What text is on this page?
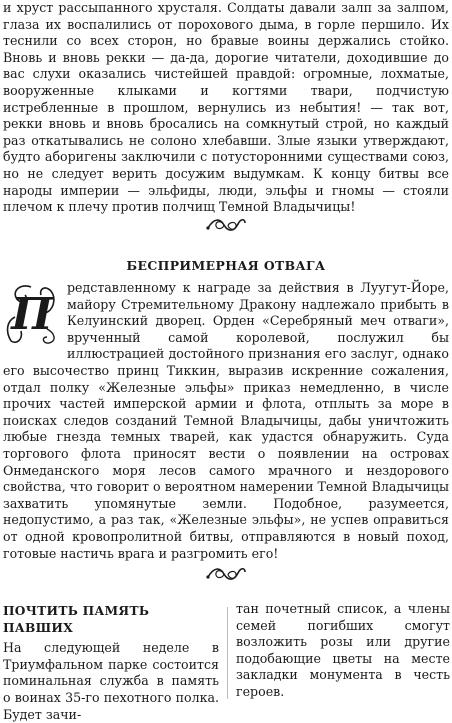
и хруст рассыпанного хрусталя. Солдаты давали залп за залпом, глаза их воспалились от порохового дыма, в горле першило. Их теснили со всех сторон, но бравые воины держались стойко. Вновь и вновь рекки — да-да, дорогие читатели, доходившие до вас слухи оказались чистейшей правдой: огромные, лохматые, вооруженные клыками и когтями твари, подчистую истребленные в прошлом, вернулись из небытия! — так вот, рекки вновь и вновь бросались на сомкнутый строй, но каждый раз откатывались не солоно хлебавши. Злые языки утверждают, будто аборигены заключили с потусторонними существами союз, но не следует верить досужим выдумкам. К концу битвы все народы империи — эльфиды, люди, эльфы и гномы — стояли плечом к плечу против полчищ Темной Владычицы!

БЕСПРИМЕРНАЯ ОТВАГА
П

редставленному к награде за действия в Луугут-Йоре, майору Стремительному Дракону надлежало прибыть в Келуинский дворец. Орден «Серебряный меч отваги», врученный самой королевой, послужил бы иллюстрацией достойного признания его заслуг, однако его высочество принц Тиккин, выразив искренние сожаления, отдал полку «Железные эльфы» приказ немедленно, в числе прочих частей имперской армии и флота, отплыть за море в поисках следов созданий Темной Владычицы, дабы уничтожить любые гнезда темных тварей, как удастся обнаружить. Суда торгового флота приносят вести о появлении на островах Онмеданского моря лесов самого мрачного и нездорового свойства, что говорит о вероятном намерении Темной Владычицы захватить упомянутые земли. Подобное, разумеется, недопустимо, а раз так, «Железные эльфы», не успев оправиться от одной кровопролитной битвы, отправляются в новый поход, готовые настичь врага и разгромить его!

ПОЧТИТЬ ПАМЯТЬ ПАВШИХ

На следующей неделе в Триумфальном парке состоится поминальная служба в память о воинах 35-го пехотного полка. Будет зачи-

тан почетный список, а члены семей погибших смогут возложить розы или другие подобающие цветы на месте закладки монумента в честь героев.
